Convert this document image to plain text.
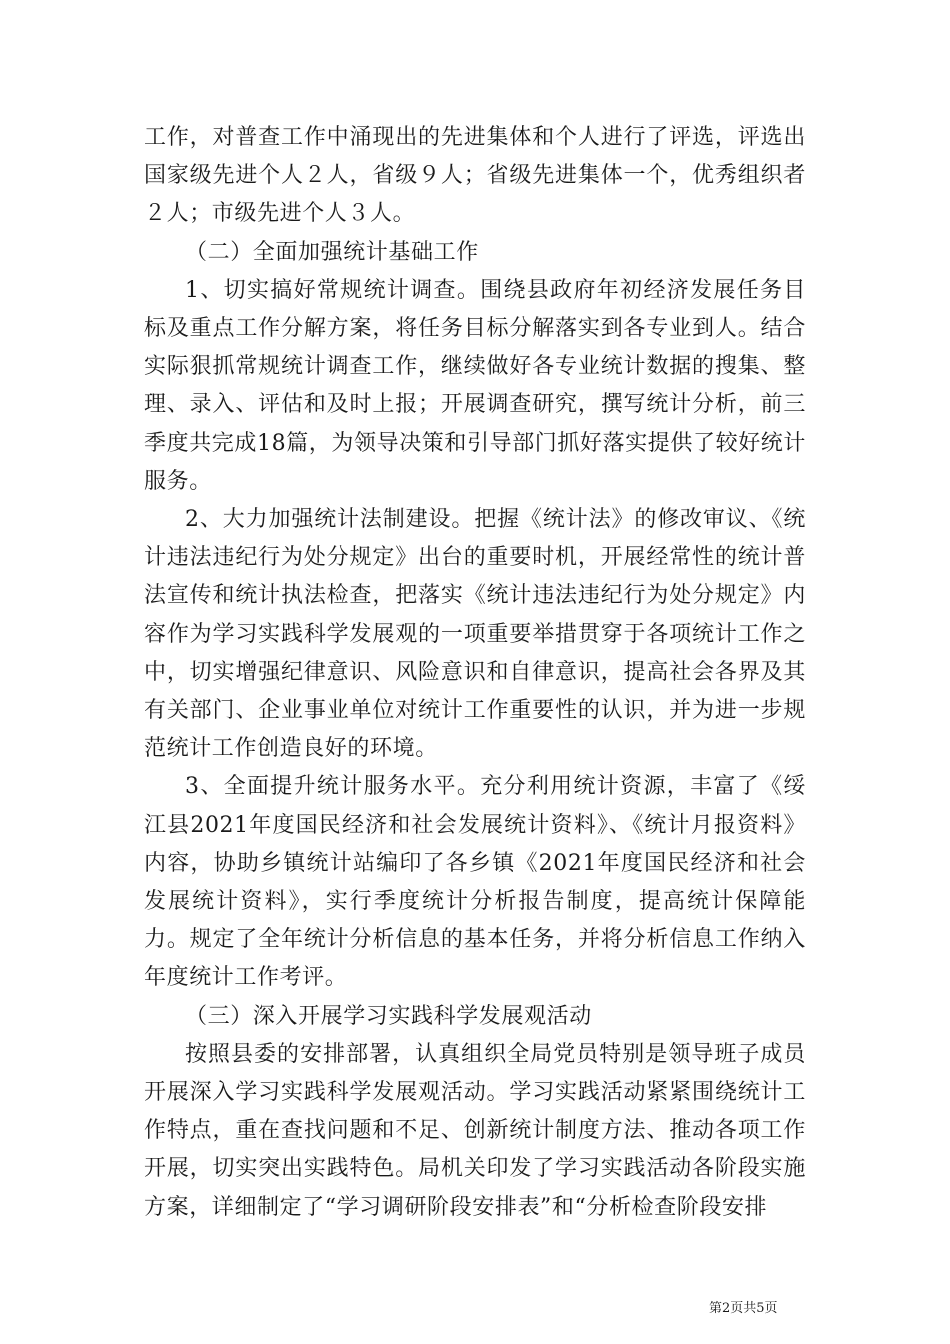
工作，对普查工作中涌现出的先进集体和个人进行了评选，评选出国家级先进个人２人，省级９人；省级先进集体一个，优秀组织者２人；市级先进个人３人。

（二）全面加强统计基础工作

1、切实搞好常规统计调查。围绕县政府年初经济发展任务目标及重点工作分解方案，将任务目标分解落实到各专业到人。结合实际狠抓常规统计调查工作，继续做好各专业统计数据的搜集、整理、录入、评估和及时上报；开展调查研究，撰写统计分析，前三季度共完成18篇，为领导决策和引导部门抓好落实提供了较好统计服务。

2、大力加强统计法制建设。把握《统计法》的修改审议、《统计违法违纪行为处分规定》出台的重要时机，开展经常性的统计普法宣传和统计执法检查，把落实《统计违法违纪行为处分规定》内容作为学习实践科学发展观的一项重要举措贯穿于各项统计工作之中，切实增强纪律意识、风险意识和自律意识，提高社会各界及其有关部门、企业事业单位对统计工作重要性的认识，并为进一步规范统计工作创造良好的环境。

3、全面提升统计服务水平。充分利用统计资源，丰富了《绥江县2021年度国民经济和社会发展统计资料》、《统计月报资料》内容，协助乡镇统计站编印了各乡镇《2021年度国民经济和社会发展统计资料》，实行季度统计分析报告制度，提高统计保障能力。规定了全年统计分析信息的基本任务，并将分析信息工作纳入年度统计工作考评。

（三）深入开展学习实践科学发展观活动

按照县委的安排部署，认真组织全局党员特别是领导班子成员开展深入学习实践科学发展观活动。学习实践活动紧紧围绕统计工作特点，重在查找问题和不足、创新统计制度方法、推动各项工作开展，切实突出实践特色。局机关印发了学习实践活动各阶段实施方案，详细制定了“学习调研阶段安排表”和“分析检查阶段安排

第2页共5页
